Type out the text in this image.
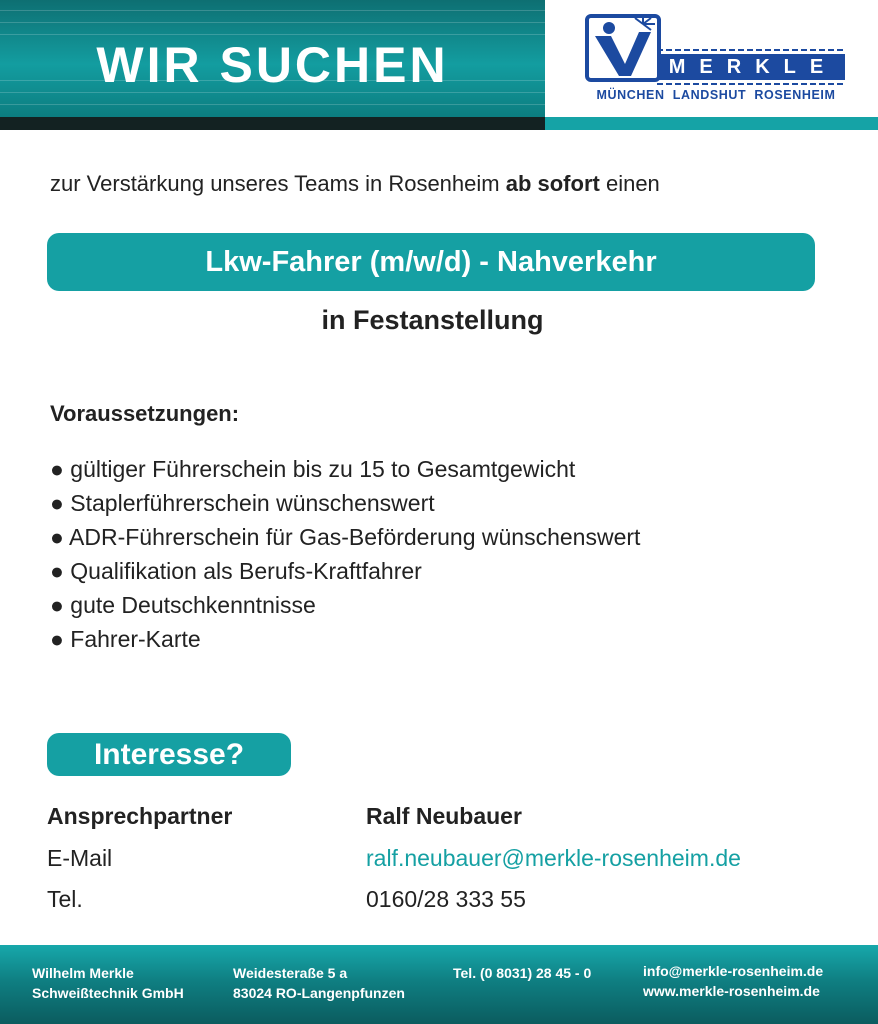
WIR SUCHEN	MERKLE
MÜNCHEN  LANDSHUT  ROSENHEIM
zur Verstärkung unseres Teams in Rosenheim ab sofort einen
Lkw-Fahrer (m/w/d) - Nahverkehr
in Festanstellung
Voraussetzungen:
● gültiger Führerschein bis zu 15 to Gesamtgewicht
● Staplerführerschein wünschenswert
● ADR-Führerschein für Gas-Beförderung wünschenswert
● Qualifikation als Berufs-Kraftfahrer
● gute Deutschkenntnisse
● Fahrer-Karte
Interesse?
Ansprechpartner	Ralf Neubauer
E-Mail	ralf.neubauer@merkle-rosenheim.de
Tel.	0160/28 333 55
Wilhelm Merkle
Schweißtechnik GmbH
Weidesteraße 5 a
83024 RO-Langenpfunzen
Tel. (0 8031) 28 45 - 0	info@merkle-rosenheim.de
www.merkle-rosenheim.de
